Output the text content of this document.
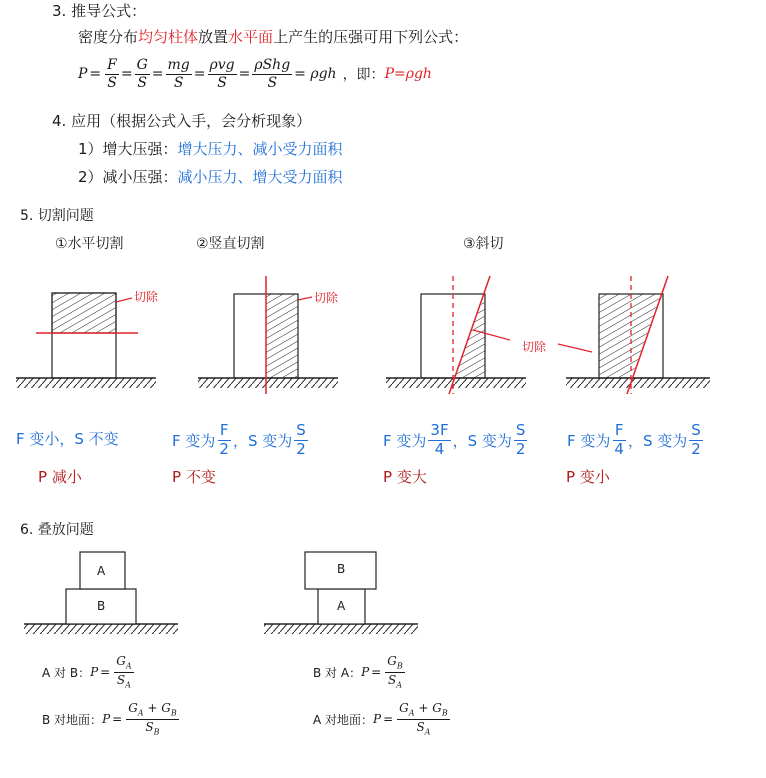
3. 推导公式：
密度分布均匀柱体放置水平面上产生的压强可用下列公式：
$P = \frac{F}{S} = \frac{G}{S} = \frac{mg}{S} = \frac{\text{ρvg}}{S} = \frac{\text{ρShg}}{S} = \rho gh$ ，即： P=ρgh
4. 应用（根据公式入手，会分析现象）
1）增大压强：增大压力、减小受力面积
2）减小压强：减小压力、增大受力面积
5. 切割问题
①水平切割	②竖直切割	③斜切
切除	切除
切除
F 变小，S 不变
P 减小
F 变为 $\frac{F}{2}$ ，S 变为 $\frac{S}{2}$
P 不变
F 变为 $\frac{3F}{4}$ ，S 变为 $\frac{S}{2}$
P 变大
F 变为 $\frac{F}{4}$ ，S 变为 $\frac{S}{2}$
P 变小
6. 叠放问题
A
B
B
A
A 对 B： $P = \frac{G_A}{S_A}$
B 对地面： $P = \frac{G_A + G_B}{S_B}$
B 对 A： $P = \frac{G_B}{S_A}$
A 对地面： $P = \frac{G_A + G_B}{S_A}$
